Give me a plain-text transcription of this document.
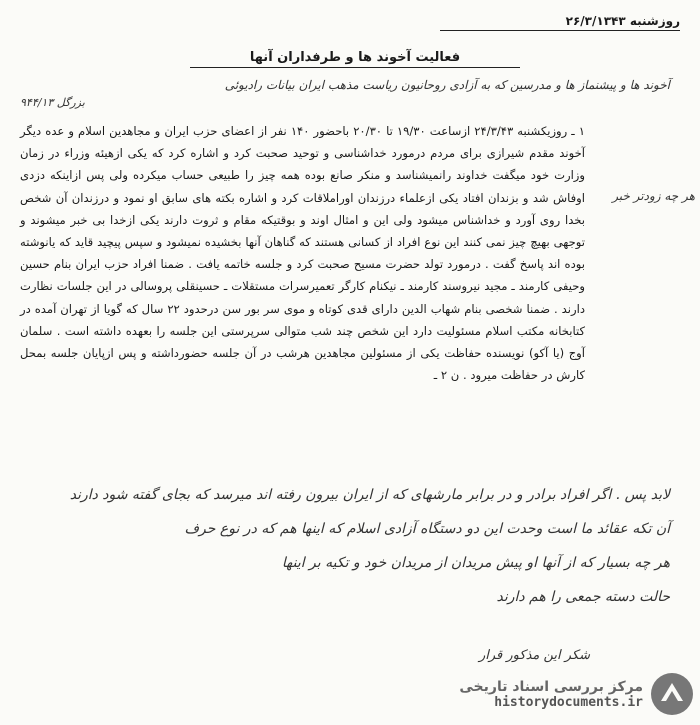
روزشنبه ۲۶/۳/۱۳۴۳
فعالیت آخوند ها و طرفداران آنها
آخوند ها و پیشنماز ها و مدرسین که به آزادی روحانیون ریاست مذهب ایران بیانات رادیوئی
بزرگل ۹۴۴/۱۳
۱ ـ روزیکشنبه ۲۴/۳/۴۳ ازساعت ۱۹/۳۰ تا ۲۰/۳۰ باحضور ۱۴۰ نفر از اعضای حزب ایران و مجاهدین اسلام و عده دیگر آخوند مقدم شیرازی برای مردم درمورد خداشناسی و توحید صحبت کرد و اشاره کرد که یکی ازهیئه وزراء در زمان وزارت خود میگفت خداوند رانمیشناسد و منکر صانع بوده همه چیز را طبیعی حساب میکرده ولی پس ازاینکه دزدی اوفاش شد و بزندان افتاد یکی ازعلماء درزندان اوراملاقات کرد و اشاره بکته های سابق او نمود و درزندان آن شخص بخدا روی آورد و خداشناس میشود ولی این و امثال اوند و بوقتیکه مقام و ثروت دارند یکی ازخدا بی خبر میشوند و توجهی بهیچ چیز نمی کنند این نوع افراد از کسانی هستند که گناهان آنها بخشیده نمیشود و سپس پیچید قاید که یانوشته بوده اند پاسخ گفت . درمورد تولد حضرت مسیح صحبت کرد و جلسه خاتمه یافت . ضمنا افراد حزب ایران بنام حسین وحیفی کارمند ـ مجید نیروسند کارمند ـ نیکنام کارگر تعمیرسرات مستقلات ـ حسینقلی پروسالی در این جلسات نظارت دارند . ضمنا شخصی بنام شهاب الدین دارای قدی کوتاه و موی سر بور سن درحدود ۲۲ سال که گویا از تهران آمده در کتابخانه مکتب اسلام مسئولیت دارد این شخص چند شب متوالی سرپرستی این جلسه را بعهده داشته است . سلمان آوج (یا آکو) نویسنده حفاظت یکی از مسئولین مجاهدین هرشب در آن جلسه حضورداشته و پس ازپایان جلسه بمحل کارش در حفاظت میرود . ن ۲ ـ
هر چه زودتر خبر
لابد پس . اگر افراد برادر و در برابر مارشهای که از ایران بیرون رفته اند میرسد که بجای گفته شود دارند
آن تکه عقائد ما است وحدت این دو دستگاه آزادی اسلام که اینها هم که در نوع حرف
هر چه بسیار که از آنها او پیش مریدان از مریدان خود و تکیه بر اینها
حالت دسته جمعی را هم دارند
شکر این مذکور قرار
مرکز بررسی اسناد تاریخی
historydocuments.ir
